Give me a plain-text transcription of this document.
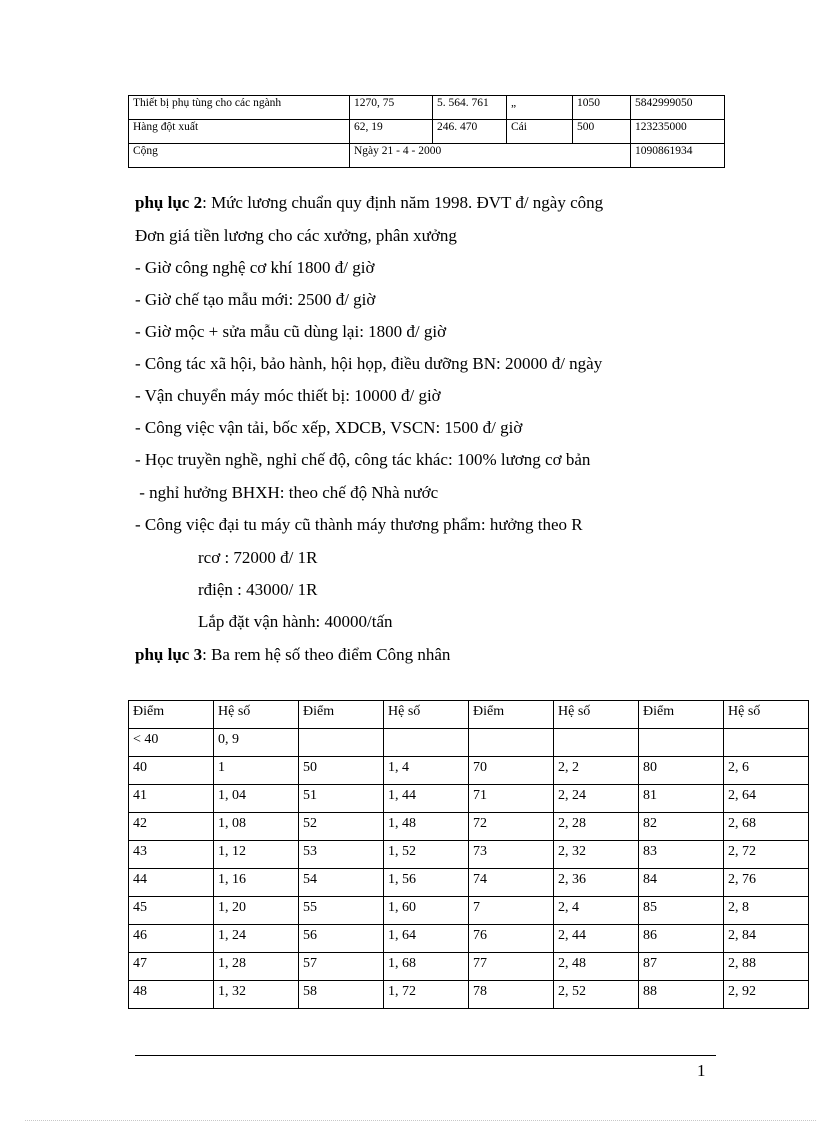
Thiết bị phụ tùng cho các ngành	1270, 75	5. 564. 761	„	1050	5842999050
Hàng đột xuất	62, 19	246. 470	Cái	500	123235000
Cộng	Ngày 21 - 4 - 2000				1090861934
phụ lục 2: Mức lương chuẩn quy định năm 1998. ĐVT đ/ ngày công
Đơn giá tiền lương cho các xưởng, phân xưởng
- Giờ công nghệ cơ khí 1800 đ/ giờ
- Giờ chế tạo mẫu mới: 2500 đ/ giờ
- Giờ mộc + sửa mẫu cũ dùng lại: 1800 đ/ giờ
- Công tác xã hội, bảo hành, hội họp, điều dưỡng BN: 20000 đ/ ngày
- Vận chuyển máy móc thiết bị: 10000 đ/ giờ
- Công việc vận tải, bốc xếp, XDCB, VSCN: 1500 đ/ giờ
- Học truyền nghề, nghỉ chế độ, công tác khác: 100% lương cơ bản
- nghỉ hưởng BHXH: theo chế độ Nhà nước
- Công việc đại tu máy cũ thành máy thương phẩm: hưởng theo R
rcơ : 72000 đ/ 1R
rđiện : 43000/ 1R
Lắp đặt vận hành: 40000/tấn
phụ lục 3: Ba rem hệ số theo điểm Công nhân
Điểm	Hệ số	Điểm	Hệ số	Điểm	Hệ số	Điểm	Hệ số
< 40	0, 9						
40	1	50	1, 4	70	2, 2	80	2, 6
41	1, 04	51	1, 44	71	2, 24	81	2, 64
42	1, 08	52	1, 48	72	2, 28	82	2, 68
43	1, 12	53	1, 52	73	2, 32	83	2, 72
44	1, 16	54	1, 56	74	2, 36	84	2, 76
45	1, 20	55	1, 60	7	2, 4	85	2, 8
46	1, 24	56	1, 64	76	2, 44	86	2, 84
47	1, 28	57	1, 68	77	2, 48	87	2, 88
48	1, 32	58	1, 72	78	2, 52	88	2, 92
1
